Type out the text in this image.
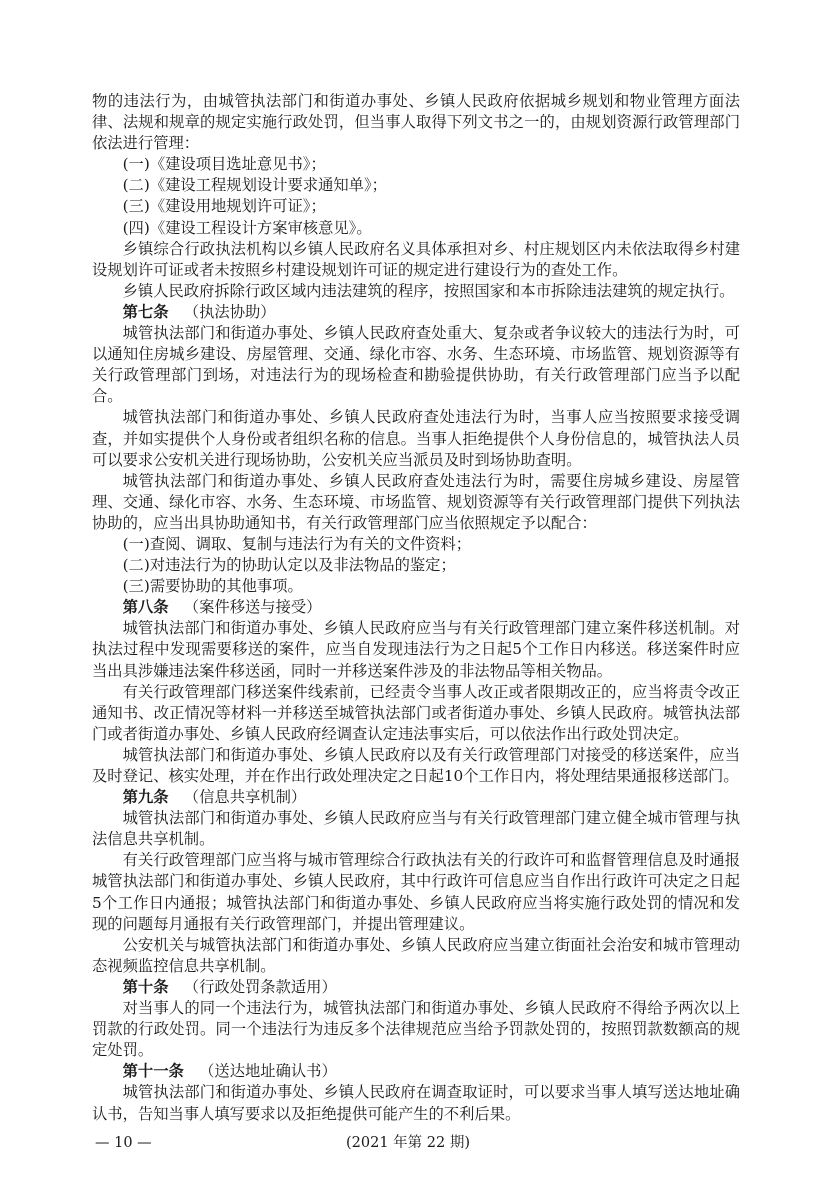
物的违法行为，由城管执法部门和街道办事处、乡镇人民政府依据城乡规划和物业管理方面法律、法规和规章的规定实施行政处罚，但当事人取得下列文书之一的，由规划资源行政管理部门依法进行管理：

(一)《建设项目选址意见书》；

(二)《建设工程规划设计要求通知单》；

(三)《建设用地规划许可证》；

(四)《建设工程设计方案审核意见》。

乡镇综合行政执法机构以乡镇人民政府名义具体承担对乡、村庄规划区内未依法取得乡村建设规划许可证或者未按照乡村建设规划许可证的规定进行建设行为的查处工作。

乡镇人民政府拆除行政区域内违法建筑的程序，按照国家和本市拆除违法建筑的规定执行。

第七条 （执法协助）

城管执法部门和街道办事处、乡镇人民政府查处重大、复杂或者争议较大的违法行为时，可以通知住房城乡建设、房屋管理、交通、绿化市容、水务、生态环境、市场监管、规划资源等有关行政管理部门到场，对违法行为的现场检查和勘验提供协助，有关行政管理部门应当予以配合。

城管执法部门和街道办事处、乡镇人民政府查处违法行为时，当事人应当按照要求接受调查，并如实提供个人身份或者组织名称的信息。当事人拒绝提供个人身份信息的，城管执法人员可以要求公安机关进行现场协助，公安机关应当派员及时到场协助查明。

城管执法部门和街道办事处、乡镇人民政府查处违法行为时，需要住房城乡建设、房屋管理、交通、绿化市容、水务、生态环境、市场监管、规划资源等有关行政管理部门提供下列执法协助的，应当出具协助通知书，有关行政管理部门应当依照规定予以配合：

(一)查阅、调取、复制与违法行为有关的文件资料；

(二)对违法行为的协助认定以及非法物品的鉴定；

(三)需要协助的其他事项。

第八条 （案件移送与接受）

城管执法部门和街道办事处、乡镇人民政府应当与有关行政管理部门建立案件移送机制。对执法过程中发现需要移送的案件，应当自发现违法行为之日起5个工作日内移送。移送案件时应当出具涉嫌违法案件移送函，同时一并移送案件涉及的非法物品等相关物品。

有关行政管理部门移送案件线索前，已经责令当事人改正或者限期改正的，应当将责令改正通知书、改正情况等材料一并移送至城管执法部门或者街道办事处、乡镇人民政府。城管执法部门或者街道办事处、乡镇人民政府经调查认定违法事实后，可以依法作出行政处罚决定。

城管执法部门和街道办事处、乡镇人民政府以及有关行政管理部门对接受的移送案件，应当及时登记、核实处理，并在作出行政处理决定之日起10个工作日内，将处理结果通报移送部门。

第九条 （信息共享机制）

城管执法部门和街道办事处、乡镇人民政府应当与有关行政管理部门建立健全城市管理与执法信息共享机制。

有关行政管理部门应当将与城市管理综合行政执法有关的行政许可和监督管理信息及时通报城管执法部门和街道办事处、乡镇人民政府，其中行政许可信息应当自作出行政许可决定之日起5个工作日内通报；城管执法部门和街道办事处、乡镇人民政府应当将实施行政处罚的情况和发现的问题每月通报有关行政管理部门，并提出管理建议。

公安机关与城管执法部门和街道办事处、乡镇人民政府应当建立街面社会治安和城市管理动态视频监控信息共享机制。

第十条 （行政处罚条款适用）

对当事人的同一个违法行为，城管执法部门和街道办事处、乡镇人民政府不得给予两次以上罚款的行政处罚。同一个违法行为违反多个法律规范应当给予罚款处罚的，按照罚款数额高的规定处罚。

第十一条 （送达地址确认书）

城管执法部门和街道办事处、乡镇人民政府在调查取证时，可以要求当事人填写送达地址确认书，告知当事人填写要求以及拒绝提供可能产生的不利后果。

— 10 —	(2021 年第 22 期)
